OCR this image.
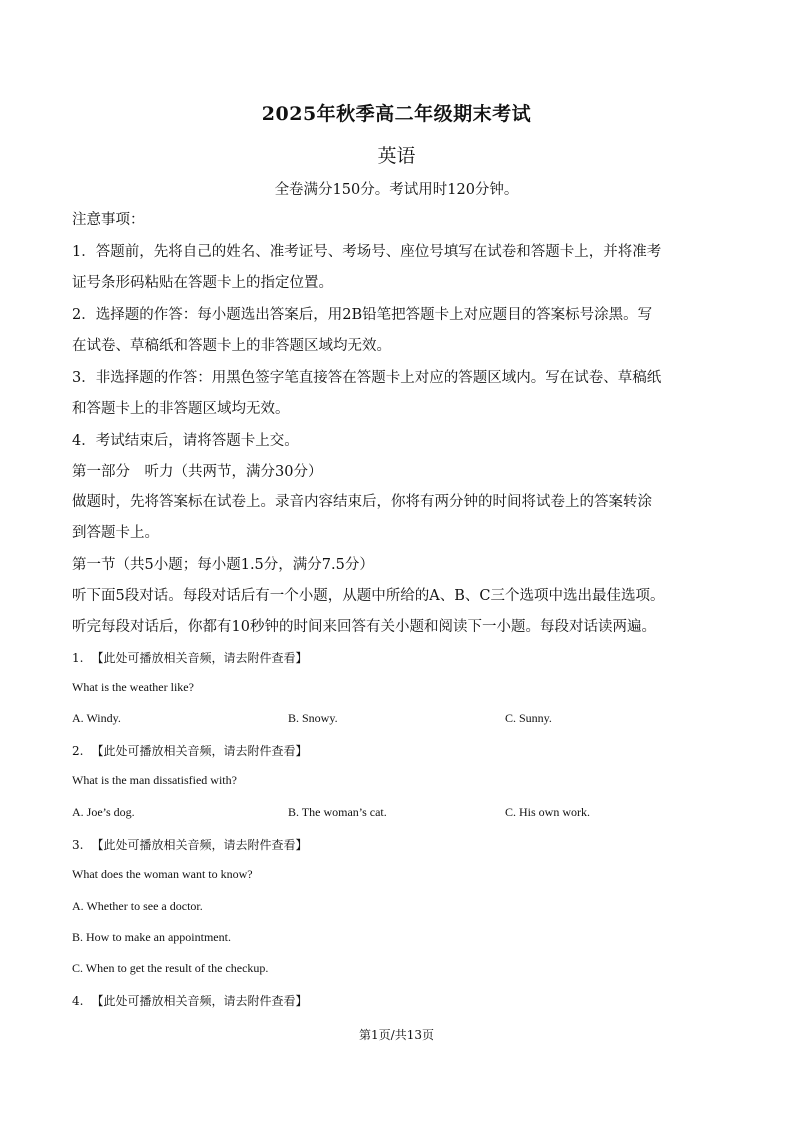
2025年秋季高二年级期末考试
英语
全卷满分150分。考试用时120分钟。
注意事项：
1．答题前，先将自己的姓名、准考证号、考场号、座位号填写在试卷和答题卡上，并将准考
证号条形码粘贴在答题卡上的指定位置。
2．选择题的作答：每小题选出答案后，用2B铅笔把答题卡上对应题目的答案标号涂黑。写
在试卷、草稿纸和答题卡上的非答题区域均无效。
3．非选择题的作答：用黑色签字笔直接答在答题卡上对应的答题区域内。写在试卷、草稿纸
和答题卡上的非答题区域均无效。
4．考试结束后，请将答题卡上交。
第一部分　听力（共两节，满分30分）
做题时，先将答案标在试卷上。录音内容结束后，你将有两分钟的时间将试卷上的答案转涂
到答题卡上。
第一节（共5小题；每小题1.5分，满分7.5分）
听下面5段对话。每段对话后有一个小题，从题中所给的A、B、C三个选项中选出最佳选项。
听完每段对话后，你都有10秒钟的时间来回答有关小题和阅读下一小题。每段对话读两遍。
1. 【此处可播放相关音频，请去附件查看】
What is the weather like?
A. Windy.	B. Snowy.	C. Sunny.
2. 【此处可播放相关音频，请去附件查看】
What is the man dissatisfied with?
A. Joe’s dog.	B. The woman’s cat.	C. His own work.
3. 【此处可播放相关音频，请去附件查看】
What does the woman want to know?
A. Whether to see a doctor.
B. How to make an appointment.
C. When to get the result of the checkup.
4. 【此处可播放相关音频，请去附件查看】
第1页/共13页
